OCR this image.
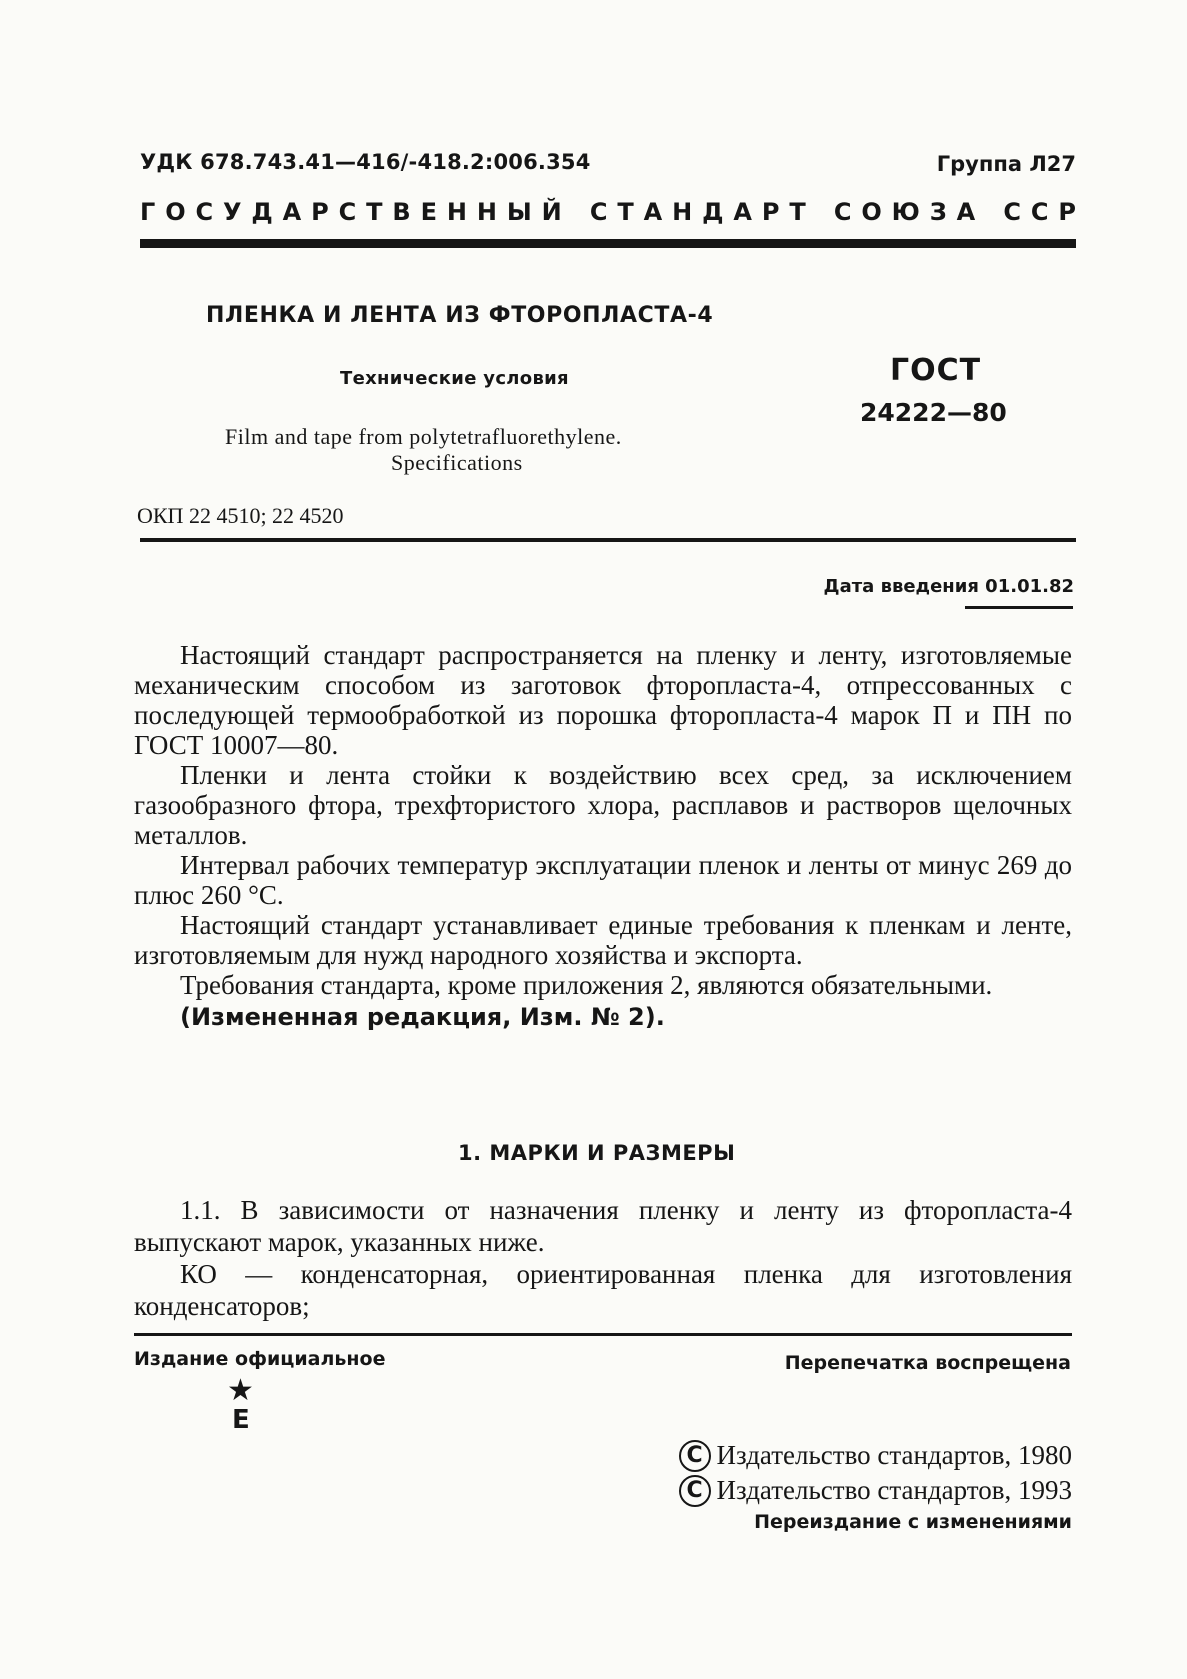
УДК 678.743.41—416/-418.2:006.354	Группа Л27
Г О С У Д А Р С Т В Е Н Н Ы Й
С Т А Н Д А Р Т
С О Ю З А
С С Р
ПЛЕНКА И ЛЕНТА ИЗ ФТОРОПЛАСТА-4
Технические условия	ГОСТ
24222—80
Film and tape from polytetrafluorethylene.
Specifications
ОКП 22 4510; 22 4520
Дата введения 01.01.82

Настоящий стандарт распространяется на пленку и ленту, изготовляемые механическим способом из заготовок фторопласта-4, отпрессованных с последующей термообработкой из порошка фторопласта-4 марок П и ПН по ГОСТ 10007—80.

Пленки и лента стойки к воздействию всех сред, за исключением газообразного фтора, трехфтористого хлора, расплавов и растворов щелочных металлов.

Интервал рабочих температур эксплуатации пленок и ленты от минус 269 до плюс 260 °С.

Настоящий стандарт устанавливает единые требования к пленкам и ленте, изготовляемым для нужд народного хозяйства и экспорта.

Требования стандарта, кроме приложения 2, являются обязательными.

(Измененная редакция, Изм. № 2).

1. МАРКИ И РАЗМЕРЫ

1.1. В зависимости от назначения пленку и ленту из фторопласта-4 выпускают марок, указанных ниже.

КО — конденсаторная, ориентированная пленка для изготовления конденсаторов;

Издание официальное	Перепечатка воспрещена
★
Е
С Издательство стандартов, 1980
С Издательство стандартов, 1993
Переиздание с изменениями
